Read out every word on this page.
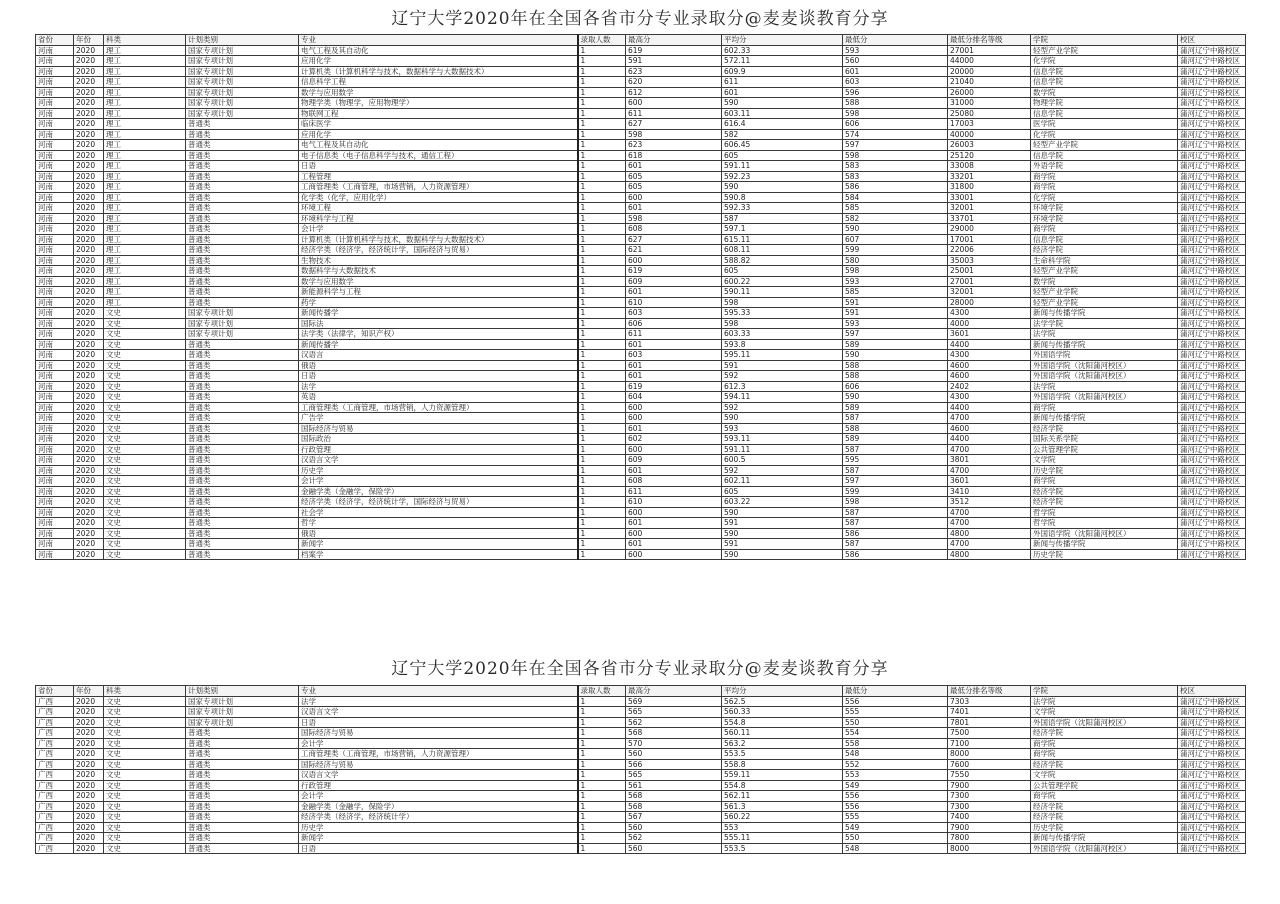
辽宁大学2020年在全国各省市分专业录取分@麦麦谈教育分享
省份	年份	科类	计划类别	专业	录取人数	最高分	平均分	最低分	最低分排名等级	学院	校区
河南	2020	理工	国家专项计划	电气工程及其自动化	1	619	602.33	593	27001	轻型产业学院	蒲河辽宁中路校区
河南	2020	理工	国家专项计划	应用化学	1	591	572.11	560	44000	化学院	蒲河辽宁中路校区
河南	2020	理工	国家专项计划	计算机类（计算机科学与技术，数据科学与大数据技术）	1	623	609.9	601	20000	信息学院	蒲河辽宁中路校区
河南	2020	理工	国家专项计划	信息科学工程	1	620	611	603	21040	信息学院	蒲河辽宁中路校区
河南	2020	理工	国家专项计划	数学与应用数学	1	612	601	596	26000	数学院	蒲河辽宁中路校区
河南	2020	理工	国家专项计划	物理学类（物理学，应用物理学）	1	600	590	588	31000	物理学院	蒲河辽宁中路校区
河南	2020	理工	国家专项计划	物联网工程	1	611	603.11	598	25080	信息学院	蒲河辽宁中路校区
河南	2020	理工	普通类	临床医学	1	627	616.4	606	17003	医学院	蒲河辽宁中路校区
河南	2020	理工	普通类	应用化学	1	598	582	574	40000	化学院	蒲河辽宁中路校区
河南	2020	理工	普通类	电气工程及其自动化	1	623	606.45	597	26003	轻型产业学院	蒲河辽宁中路校区
河南	2020	理工	普通类	电子信息类（电子信息科学与技术，通信工程）	1	618	605	598	25120	信息学院	蒲河辽宁中路校区
河南	2020	理工	普通类	日语	1	601	591.11	583	33008	外语学院	蒲河辽宁中路校区
河南	2020	理工	普通类	工程管理	1	605	592.23	583	33201	商学院	蒲河辽宁中路校区
河南	2020	理工	普通类	工商管理类（工商管理，市场营销，人力资源管理）	1	605	590	586	31800	商学院	蒲河辽宁中路校区
河南	2020	理工	普通类	化学类（化学，应用化学）	1	600	590.8	584	33001	化学院	蒲河辽宁中路校区
河南	2020	理工	普通类	环境工程	1	601	592.33	585	32001	环境学院	蒲河辽宁中路校区
河南	2020	理工	普通类	环境科学与工程	1	598	587	582	33701	环境学院	蒲河辽宁中路校区
河南	2020	理工	普通类	会计学	1	608	597.1	590	29000	商学院	蒲河辽宁中路校区
河南	2020	理工	普通类	计算机类（计算机科学与技术，数据科学与大数据技术）	1	627	615.11	607	17001	信息学院	蒲河辽宁中路校区
河南	2020	理工	普通类	经济学类（经济学，经济统计学，国际经济与贸易）	1	621	608.11	599	22006	经济学院	蒲河辽宁中路校区
河南	2020	理工	普通类	生物技术	1	600	588.82	580	35003	生命科学院	蒲河辽宁中路校区
河南	2020	理工	普通类	数据科学与大数据技术	1	619	605	598	25001	轻型产业学院	蒲河辽宁中路校区
河南	2020	理工	普通类	数学与应用数学	1	609	600.22	593	27001	数学院	蒲河辽宁中路校区
河南	2020	理工	普通类	新能源科学与工程	1	601	590.11	585	32001	轻型产业学院	蒲河辽宁中路校区
河南	2020	理工	普通类	药学	1	610	598	591	28000	轻型产业学院	蒲河辽宁中路校区
河南	2020	文史	国家专项计划	新闻传播学	1	603	595.33	591	4300	新闻与传播学院	蒲河辽宁中路校区
河南	2020	文史	国家专项计划	国际法	1	606	598	593	4000	法学学院	蒲河辽宁中路校区
河南	2020	文史	国家专项计划	法学类（法律学，知识产权）	1	611	603.33	597	3601	法学院	蒲河辽宁中路校区
河南	2020	文史	普通类	新闻传播学	1	601	593.8	589	4400	新闻与传播学院	蒲河辽宁中路校区
河南	2020	文史	普通类	汉语言	1	603	595.11	590	4300	外国语学院	蒲河辽宁中路校区
河南	2020	文史	普通类	俄语	1	601	591	588	4600	外国语学院（沈阳蒲河校区）	蒲河辽宁中路校区
河南	2020	文史	普通类	日语	1	601	592	588	4600	外国语学院（沈阳蒲河校区）	蒲河辽宁中路校区
河南	2020	文史	普通类	法学	1	619	612.3	606	2402	法学院	蒲河辽宁中路校区
河南	2020	文史	普通类	英语	1	604	594.11	590	4300	外国语学院（沈阳蒲河校区）	蒲河辽宁中路校区
河南	2020	文史	普通类	工商管理类（工商管理，市场营销，人力资源管理）	1	600	592	589	4400	商学院	蒲河辽宁中路校区
河南	2020	文史	普通类	广告学	1	600	590	587	4700	新闻与传播学院	蒲河辽宁中路校区
河南	2020	文史	普通类	国际经济与贸易	1	601	593	588	4600	经济学院	蒲河辽宁中路校区
河南	2020	文史	普通类	国际政治	1	602	593.11	589	4400	国际关系学院	蒲河辽宁中路校区
河南	2020	文史	普通类	行政管理	1	600	591.11	587	4700	公共管理学院	蒲河辽宁中路校区
河南	2020	文史	普通类	汉语言文学	1	609	600.5	595	3801	文学院	蒲河辽宁中路校区
河南	2020	文史	普通类	历史学	1	601	592	587	4700	历史学院	蒲河辽宁中路校区
河南	2020	文史	普通类	会计学	1	608	602.11	597	3601	商学院	蒲河辽宁中路校区
河南	2020	文史	普通类	金融学类（金融学，保险学）	1	611	605	599	3410	经济学院	蒲河辽宁中路校区
河南	2020	文史	普通类	经济学类（经济学，经济统计学，国际经济与贸易）	1	610	603.22	598	3512	经济学院	蒲河辽宁中路校区
河南	2020	文史	普通类	社会学	1	600	590	587	4700	哲学院	蒲河辽宁中路校区
河南	2020	文史	普通类	哲学	1	601	591	587	4700	哲学院	蒲河辽宁中路校区
河南	2020	文史	普通类	俄语	1	600	590	586	4800	外国语学院（沈阳蒲河校区）	蒲河辽宁中路校区
河南	2020	文史	普通类	新闻学	1	601	591	587	4700	新闻与传播学院	蒲河辽宁中路校区
河南	2020	文史	普通类	档案学	1	600	590	586	4800	历史学院	蒲河辽宁中路校区
辽宁大学2020年在全国各省市分专业录取分@麦麦谈教育分享
省份	年份	科类	计划类别	专业	录取人数	最高分	平均分	最低分	最低分排名等级	学院	校区
广西	2020	文史	国家专项计划	法学	1	569	562.5	556	7303	法学院	蒲河辽宁中路校区
广西	2020	文史	国家专项计划	汉语言文学	1	565	560.33	555	7401	文学院	蒲河辽宁中路校区
广西	2020	文史	国家专项计划	日语	1	562	554.8	550	7801	外国语学院（沈阳蒲河校区）	蒲河辽宁中路校区
广西	2020	文史	普通类	国际经济与贸易	1	568	560.11	554	7500	经济学院	蒲河辽宁中路校区
广西	2020	文史	普通类	会计学	1	570	563.2	558	7100	商学院	蒲河辽宁中路校区
广西	2020	文史	普通类	工商管理类（工商管理，市场营销，人力资源管理）	1	560	553.5	548	8000	商学院	蒲河辽宁中路校区
广西	2020	文史	普通类	国际经济与贸易	1	566	558.8	552	7600	经济学院	蒲河辽宁中路校区
广西	2020	文史	普通类	汉语言文学	1	565	559.11	553	7550	文学院	蒲河辽宁中路校区
广西	2020	文史	普通类	行政管理	1	561	554.8	549	7900	公共管理学院	蒲河辽宁中路校区
广西	2020	文史	普通类	会计学	1	568	562.11	556	7300	商学院	蒲河辽宁中路校区
广西	2020	文史	普通类	金融学类（金融学，保险学）	1	568	561.3	556	7300	经济学院	蒲河辽宁中路校区
广西	2020	文史	普通类	经济学类（经济学，经济统计学）	1	567	560.22	555	7400	经济学院	蒲河辽宁中路校区
广西	2020	文史	普通类	历史学	1	560	553	549	7900	历史学院	蒲河辽宁中路校区
广西	2020	文史	普通类	新闻学	1	562	555.11	550	7800	新闻与传播学院	蒲河辽宁中路校区
广西	2020	文史	普通类	日语	1	560	553.5	548	8000	外国语学院（沈阳蒲河校区）	蒲河辽宁中路校区
